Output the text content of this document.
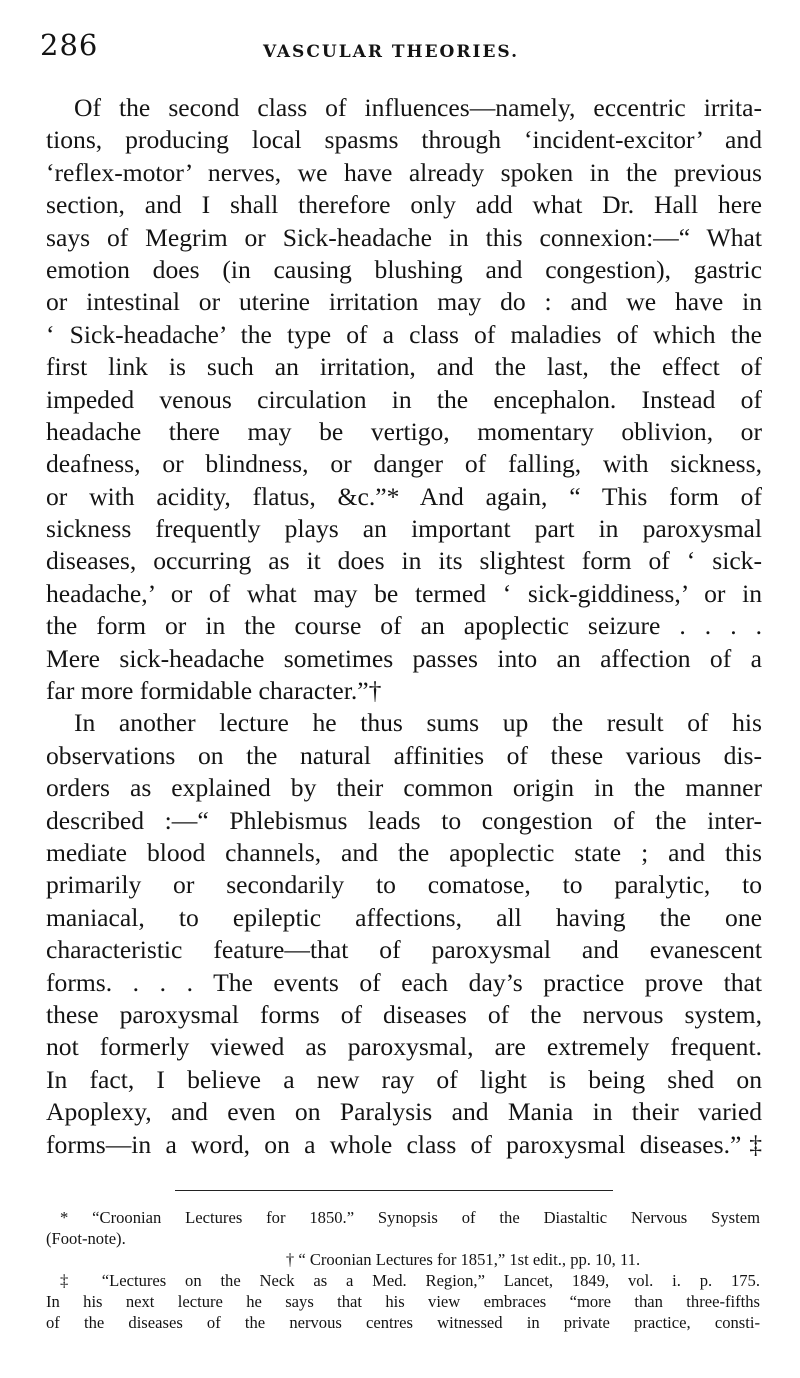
286	VASCULAR THEORIES.
Of the second class of influences—namely, eccentric irrita-
tions, producing local spasms through ‘incident-excitor’ and
‘reflex-motor’ nerves, we have already spoken in the previous
section, and I shall therefore only add what Dr. Hall here
says of Megrim or Sick-headache in this connexion:—“ What
emotion does (in causing blushing and congestion), gastric
or intestinal or uterine irritation may do : and we have in
‘ Sick-headache’ the type of a class of maladies of which the
first link is such an irritation, and the last, the effect of
impeded venous circulation in the encephalon. Instead of
headache there may be vertigo, momentary oblivion, or
deafness, or blindness, or danger of falling, with sickness,
or with acidity, flatus, &c.”* And again, “ This form of
sickness frequently plays an important part in paroxysmal
diseases, occurring as it does in its slightest form of ‘ sick-
headache,’ or of what may be termed ‘ sick-giddiness,’ or in
the form or in the course of an apoplectic seizure . . . .
Mere sick-headache sometimes passes into an affection of a
far more formidable character.”†
In another lecture he thus sums up the result of his
observations on the natural affinities of these various dis-
orders as explained by their common origin in the manner
described :—“ Phlebismus leads to congestion of the inter-
mediate blood channels, and the apoplectic state ; and this
primarily or secondarily to comatose, to paralytic, to
maniacal, to epileptic affections, all having the one
characteristic feature—that of paroxysmal and evanescent
forms. . . . The events of each day’s practice prove that
these paroxysmal forms of diseases of the nervous system,
not formerly viewed as paroxysmal, are extremely frequent.
In fact, I believe a new ray of light is being shed on
Apoplexy, and even on Paralysis and Mania in their varied
forms—in a word, on a whole class of paroxysmal diseases.”‡
* “Croonian Lectures for 1850.” Synopsis of the Diastaltic Nervous System
(Foot-note).
† “ Croonian Lectures for 1851,” 1st edit., pp. 10, 11.
‡ “Lectures on the Neck as a Med. Region,” Lancet, 1849, vol. i. p. 175.
In his next lecture he says that his view embraces “more than three-fifths
of the diseases of the nervous centres witnessed in private practice, consti-
